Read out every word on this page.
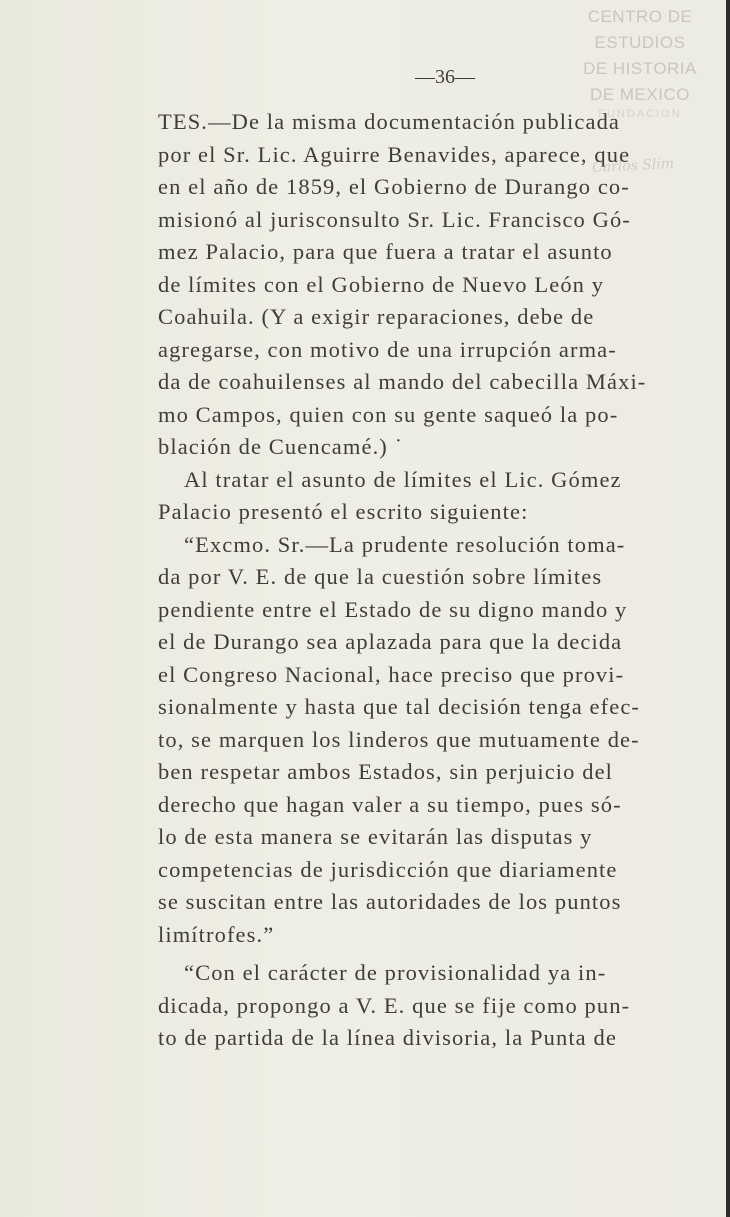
CENTRO DE
ESTUDIOS
DE HISTORIA
DE MEXICO
FUNDACION
Carlos Slim
—36—
TES.—De la misma documentación publicada
por el Sr. Lic. Aguirre Benavides, aparece, que
en el año de 1859, el Gobierno de Durango co-
misionó al jurisconsulto Sr. Lic. Francisco Gó-
mez Palacio, para que fuera a tratar el asunto
de límites con el Gobierno de Nuevo León y
Coahuila. (Y a exigir reparaciones, debe de
agregarse, con motivo de una irrupción arma-
da de coahuilenses al mando del cabecilla Máxi-
mo Campos, quien con su gente saqueó la po-
blación de Cuencamé.) ˙
Al tratar el asunto de límites el Lic. Gómez
Palacio presentó el escrito siguiente:
“Excmo. Sr.—La prudente resolución toma-
da por V. E. de que la cuestión sobre límites
pendiente entre el Estado de su digno mando y
el de Durango sea aplazada para que la decida
el Congreso Nacional, hace preciso que provi-
sionalmente y hasta que tal decisión tenga efec-
to, se marquen los linderos que mutuamente de-
ben respetar ambos Estados, sin perjuicio del
derecho que hagan valer a su tiempo, pues só-
lo de esta manera se evitarán las disputas y
competencias de jurisdicción que diariamente
se suscitan entre las autoridades de los puntos
limítrofes.”
“Con el carácter de provisionalidad ya in-
dicada, propongo a V. E. que se fije como pun-
to de partida de la línea divisoria, la Punta de
